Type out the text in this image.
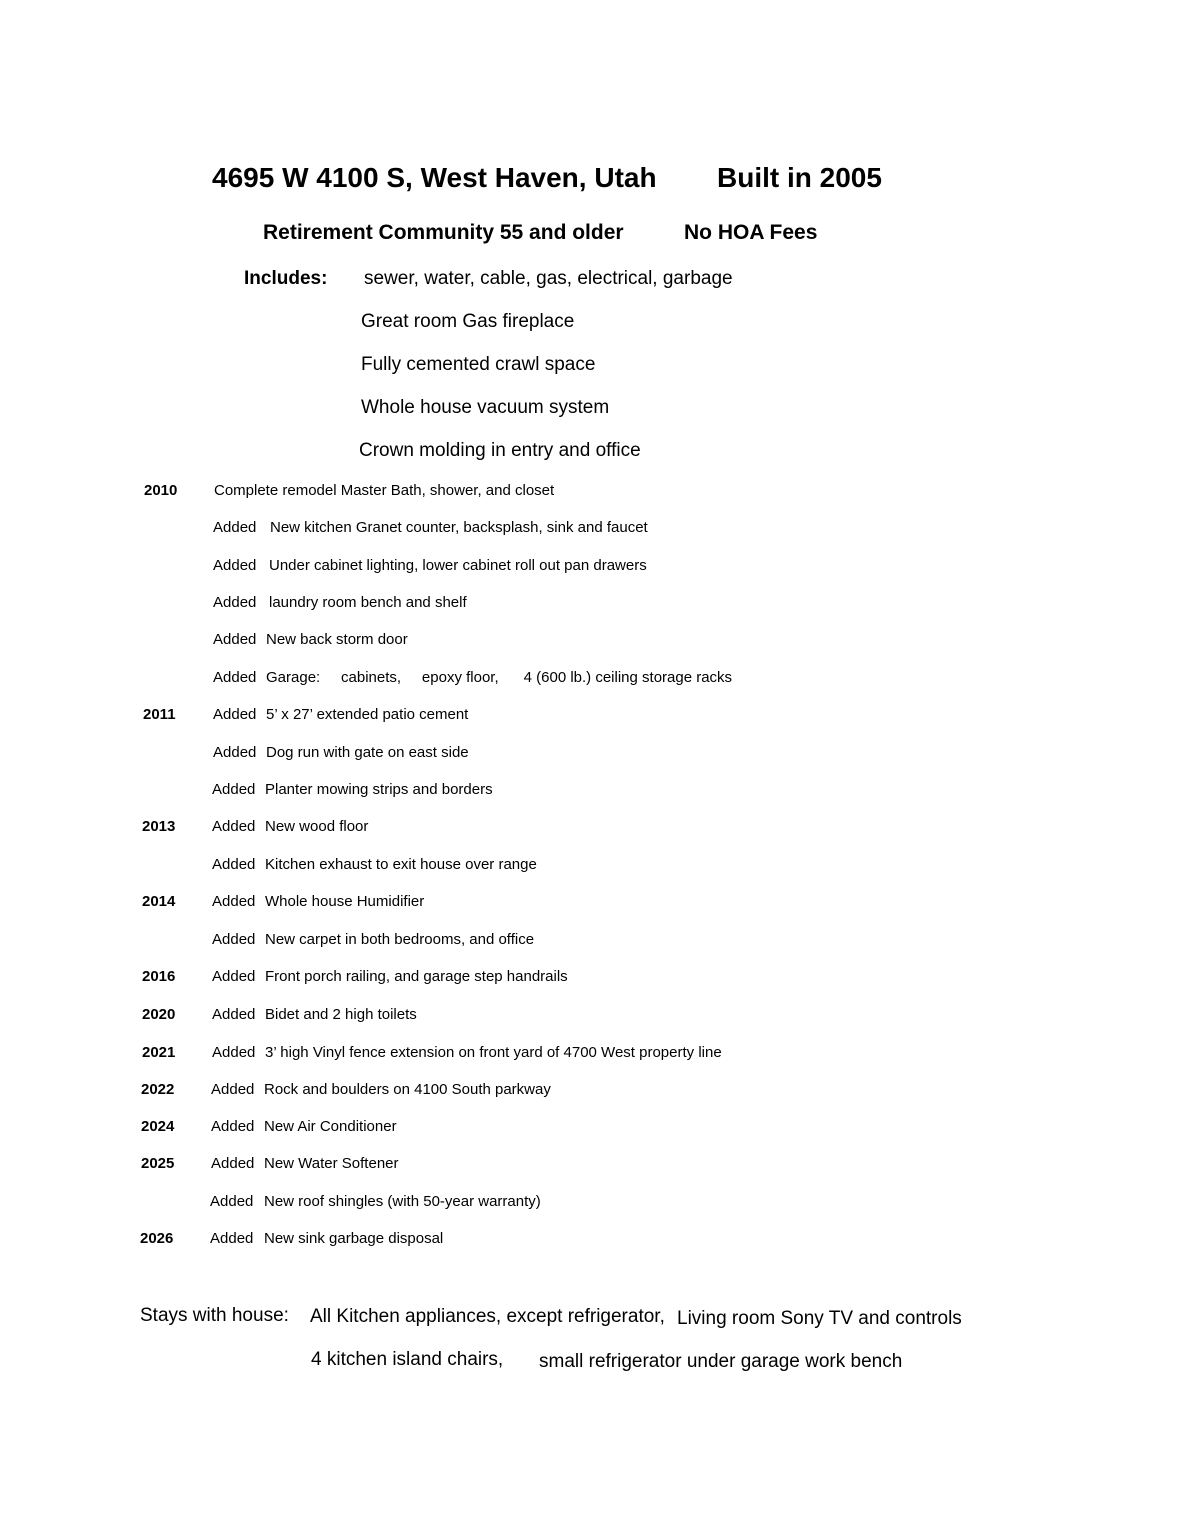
4695 W 4100 S, West Haven, Utah Built in 2005
Retirement Community 55 and older	No HOA Fees
Includes: sewer, water, cable, gas, electrical, garbage
Great room Gas fireplace
Fully cemented crawl space
Whole house vacuum system
Crown molding in entry and office
2010 Complete remodel Master Bath, shower, and closet
Added New kitchen Granet counter, backsplash, sink and faucet
Added Under cabinet lighting, lower cabinet roll out pan drawers
Added laundry room bench and shelf
Added New back storm door
Added Garage:     cabinets,     epoxy floor,      4 (600 lb.) ceiling storage racks
2011 Added 5’ x 27’ extended patio cement
Added Dog run with gate on east side
Added Planter mowing strips and borders
2013 Added New wood floor
Added Kitchen exhaust to exit house over range
2014 Added Whole house Humidifier
Added New carpet in both bedrooms, and office
2016 Added Front porch railing, and garage step handrails
2020 Added Bidet and 2 high toilets
2021 Added 3’ high Vinyl fence extension on front yard of 4700 West property line
2022 Added Rock and boulders on 4100 South parkway
2024 Added New Air Conditioner
2025 Added New Water Softener
Added New roof shingles (with 50-year warranty)
2026 Added New sink garbage disposal
Stays with house: All Kitchen appliances, except refrigerator, Living room Sony TV and controls
4 kitchen island chairs, small refrigerator under garage work bench
